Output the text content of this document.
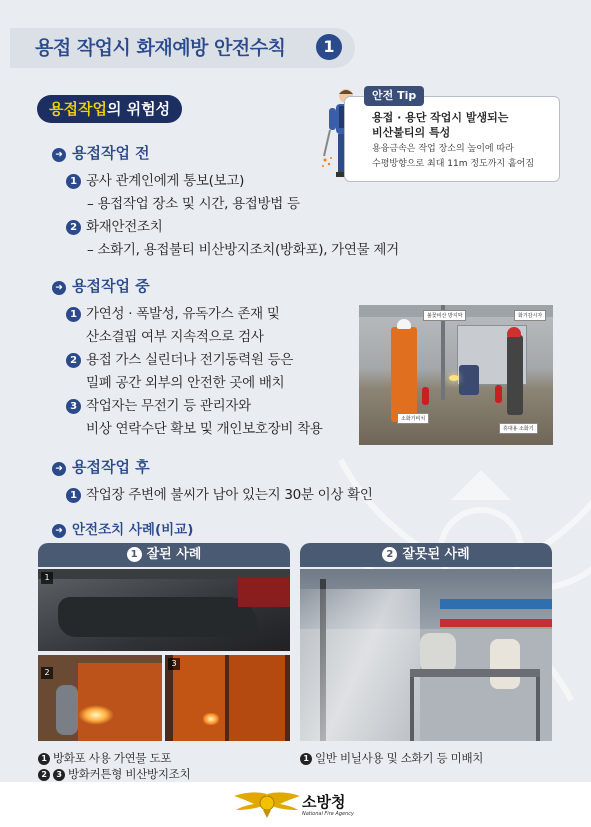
용접 작업시 화재예방 안전수칙	1
용접작업의 위험성
안전 Tip
용접 · 용단 작업시 발생되는
비산불티의 특성
용융금속은 작업 장소의 높이에 따라
수평방향으로 최대 11m 정도까지 흩어짐
➜ 용접작업 전
1 공사 관계인에게 통보(보고)
– 용접작업 장소 및 시간, 용접방법 등
2 화재안전조치
– 소화기, 용접불티 비산방지조치(방화포), 가연물 제거
➜ 용접작업 중
1 가연성 · 폭발성, 유독가스 존재 및
산소결핍 여부 지속적으로 검사
2 용접 가스 실린더나 전기동력원 등은
밀폐 공간 외부의 안전한 곳에 배치
3 작업자는 무전기 등 관리자와
비상 연락수단 확보 및 개인보호장비 착용
불꽃비산 방지막	화기감시자
소화기비치
휴대용 소화기
➜ 용접작업 후
1 작업장 주변에 불씨가 남아 있는지 30분 이상 확인
➜ 안전조치 사례(비교)
1 잘된 사례	2 잘못된 사례
1
2
3
1 방화포 사용 가연물 도포
2 3 방화커튼형 비산방지조치
1 일반 비닐사용 및 소화기 등 미배치
소방청
National Fire Agency
